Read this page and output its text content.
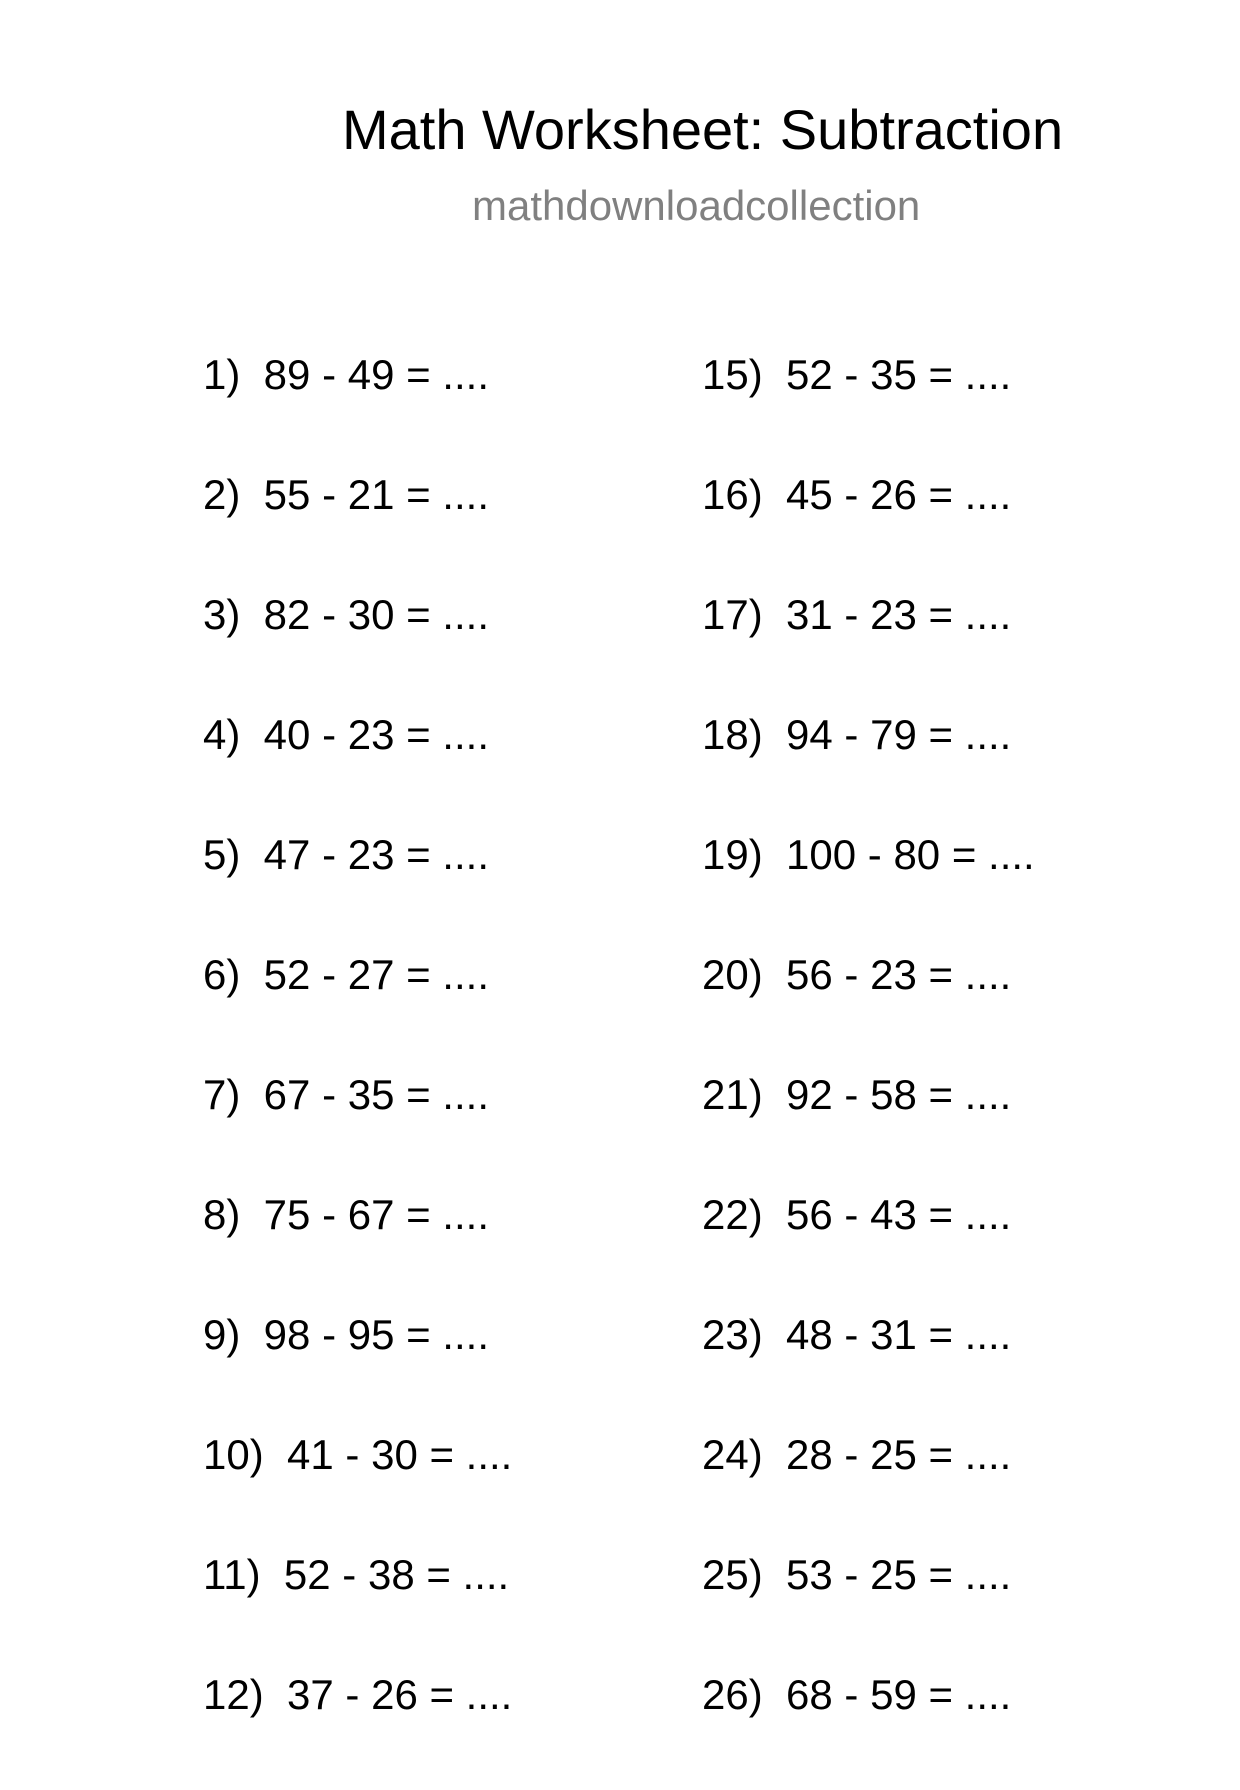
Math Worksheet: Subtraction
mathdownloadcollection
1)  89 - 49 = ....
2)  55 - 21 = ....
3)  82 - 30 = ....
4)  40 - 23 = ....
5)  47 - 23 = ....
6)  52 - 27 = ....
7)  67 - 35 = ....
8)  75 - 67 = ....
9)  98 - 95 = ....
10)  41 - 30 = ....
11)  52 - 38 = ....
12)  37 - 26 = ....
15)  52 - 35 = ....
16)  45 - 26 = ....
17)  31 - 23 = ....
18)  94 - 79 = ....
19)  100 - 80 = ....
20)  56 - 23 = ....
21)  92 - 58 = ....
22)  56 - 43 = ....
23)  48 - 31 = ....
24)  28 - 25 = ....
25)  53 - 25 = ....
26)  68 - 59 = ....
